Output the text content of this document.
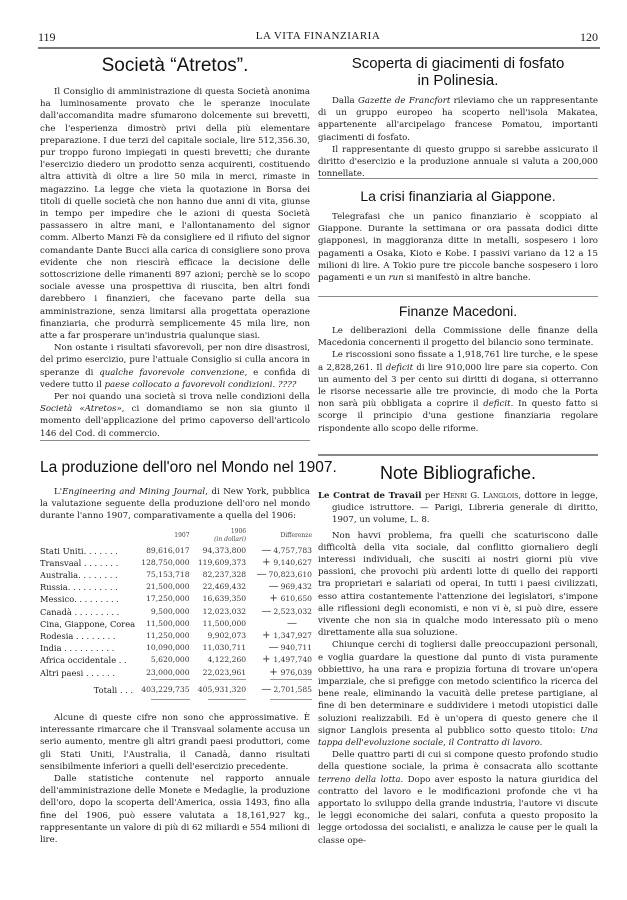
119	LA VITA FINANZIARIA	120
Società “Atretos”.

Il Consiglio di amministrazione di questa Società anonima ha luminosamente provato che le speranze inoculate dall'accomandita madre sfumarono dolcemente sui brevetti, che l'esperienza dimostrò privi della più elementare preparazione. I due terzi del capitale sociale, lire 512,356.30, pur troppo furono impiegati in questi brevetti; che durante l'esercizio diedero un prodotto senza acquirenti, costituendo altra attività di oltre a lire 50 mila in merci, rimaste in magazzino. La legge che vieta la quotazione in Borsa dei titoli di quelle società che non hanno due anni di vita, giunse in tempo per impedire che le azioni di questa Società passassero in altre mani, e l'allontanamento del signor comm. Alberto Manzi Fè da consigliere ed il rifiuto del signor comandante Dante Bucci alla carica di consigliere sono prova evidente che non riescirà efficace la decisione delle sottoscrizione delle rimanenti 897 azioni; perchè se lo scopo sociale avesse una prospettiva di riuscita, ben altri fondi darebbero i finanzieri, che facevano parte della sua amministrazione, senza limitarsi alla progettata operazione finanziaria, che produrrà semplicemente 45 mila lire, non atte a far prosperare un'industria qualunque siasi.

Non ostante i risultati sfavorevoli, per non dire disastrosi, del primo esercizio, pure l'attuale Consiglio si culla ancora in speranze di qualche favorevole convenzione, e confida di vedere tutto il paese collocato a favorevoli condizioni. ????

Per noi quando una società si trova nelle condizioni della Società «Atretos», ci domandiamo se non sia giunto il momento dell'applicazione del primo capoverso dell'articolo 146 del Cod. di commercio.

La produzione dell'oro nel Mondo nel 1907.

L'Engineering and Mining Journal, di New York, pubblica la valutazione seguente della produzione dell'oro nel mondo durante l'anno 1907, comparativamente a quella del 1906:

	1907	1906
(in dollari)	Differenze
Stati Uniti. . . . . . .	89,616,017	94,373,800	— 4,757,783
Transvaal . . . . . . .	128,750,000	119,609,373	+ 9,140,627
Australia. . . . . . . .	75,153,718	82,237,328	— 70,823,610
Russia. . . . . . . . . .	21,500,000	22,469,432	— 969,432
Messico. . . . . . . . .	17,250,000	16,639,350	+ 610,650
Canadà . . . . . . . . .	9,500,000	12,023,032	— 2,523,032
Cina, Giappone, Corea	11,500,000	11,500,000	—
Rodesia . . . . . . . .	11,250,000	9,902,073	+ 1,347,927
India . . . . . . . . . .	10,090,000	11,030,711	— 940,711
Africa occidentale . .	5,620,000	4,122,260	+ 1,497,740
Altri paesi . . . . . .	23,000,000	22,023,961	+ 976,039

Totali . . .	403,229,735	405,931,320	— 2,701,585

Alcune di queste cifre non sono che approssimative. È interessante rimarcare che il Transvaal solamente accusa un serio aumento, mentre gli altri grandi paesi produttori, come gli Stati Uniti, l'Australia, il Canadà, danno risultati sensibilmente inferiori a quelli dell'esercizio precedente.

Dalle statistiche contenute nel rapporto annuale dell'amministrazione delle Monete e Medaglie, la produzione dell'oro, dopo la scoperta dell'America, ossia 1493, fino alla fine del 1906, può essere valutata a 18,161,927 kg., rappresentante un valore di più di 62 miliardi e 554 milioni di lire.

Scoperta di giacimenti di fosfato
in Polinesia.

Dalla Gazette de Francfort rileviamo che un rappresentante di un gruppo europeo ha scoperto nell'isola Makatea, appartenente all'arcipelago francese Pomatou, importanti giacimenti di fosfato.

Il rappresentante di questo gruppo si sarebbe assicurato il diritto d'esercizio e la produzione annuale si valuta a 200,000 tonnellate.

La crisi finanziaria al Giappone.

Telegrafasi che un panico finanziario è scoppiato al Giappone. Durante la settimana or ora passata dodici ditte giapponesi, in maggioranza ditte in metalli, sospesero i loro pagamenti a Osaka, Kioto e Kobe. I passivi variano da 12 a 15 milioni di lire. A Tokio pure tre piccole banche sospesero i loro pagamenti e un run si manifestò in altre banche.

Finanze Macedoni.

Le deliberazioni della Commissione delle finanze della Macedonia concernenti il progetto del bilancio sono terminate.

Le riscossioni sono fissate a 1,918,761 lire turche, e le spese a 2,828,261. Il deficit di lire 910,000 lire pare sia coperto. Con un aumento del 3 per cento sui diritti di dogana, si otterranno le risorse necessarie alle tre provincie, di modo che la Porta non sarà più obbligata a coprire il deficit. In questo fatto si scorge il principio d'una gestione finanziaria regolare rispondente allo scopo delle riforme.

Note Bibliografiche.

Le Contrat de Travail per Henri G. Langlois, dottore in legge, giudice istruttore. — Parigi, Libreria generale di diritto, 1907, un volume, L. 8.

Non havvi problema, fra quelli che scaturiscono dalle difficoltà della vita sociale, dal conflitto giornaliero degli interessi individuali, che susciti ai nostri giorni più vive passioni, che provochi più ardenti lotte di quello dei rapporti tra proprietari e salariati od operai, In tutti i paesi civilizzati, esso attira costantemente l'attenzione dei legislatori, s'impone alle riflessioni degli economisti, e non vi è, si può dire, essere vivente che non sia in qualche modo interessato più o meno direttamente alla sua soluzione.

Chiunque cerchi di togliersi dalle preoccupazioni personali, e voglia guardare la questione dal punto di vista puramente obbiettivo, ha una rara e propizia fortuna di trovare un'opera imparziale, che si prefigge con metodo scientifico la ricerca del bene reale, eliminando la vacuità delle pretese partigiane, al fine di ben determinare e suddividere i metodi utopistici dalle soluzioni realizzabili. Ed è un'opera di questo genere che il signor Langlois presenta al pubblico sotto questo titolo: Una tappa dell'evoluzione sociale, il Contratto di lavoro.

Delle quattro parti di cui si compone questo profondo studio della questione sociale, la prima è consacrata allo scottante terreno della lotta. Dopo aver esposto la natura giuridica del contratto del lavoro e le modificazioni profonde che vi ha apportato lo sviluppo della grande industria, l'autore vi discute le leggi economiche dei salari, confuta a questo proposito la legge ortodossa dei socialisti, e analizza le cause per le quali la classe ope-
